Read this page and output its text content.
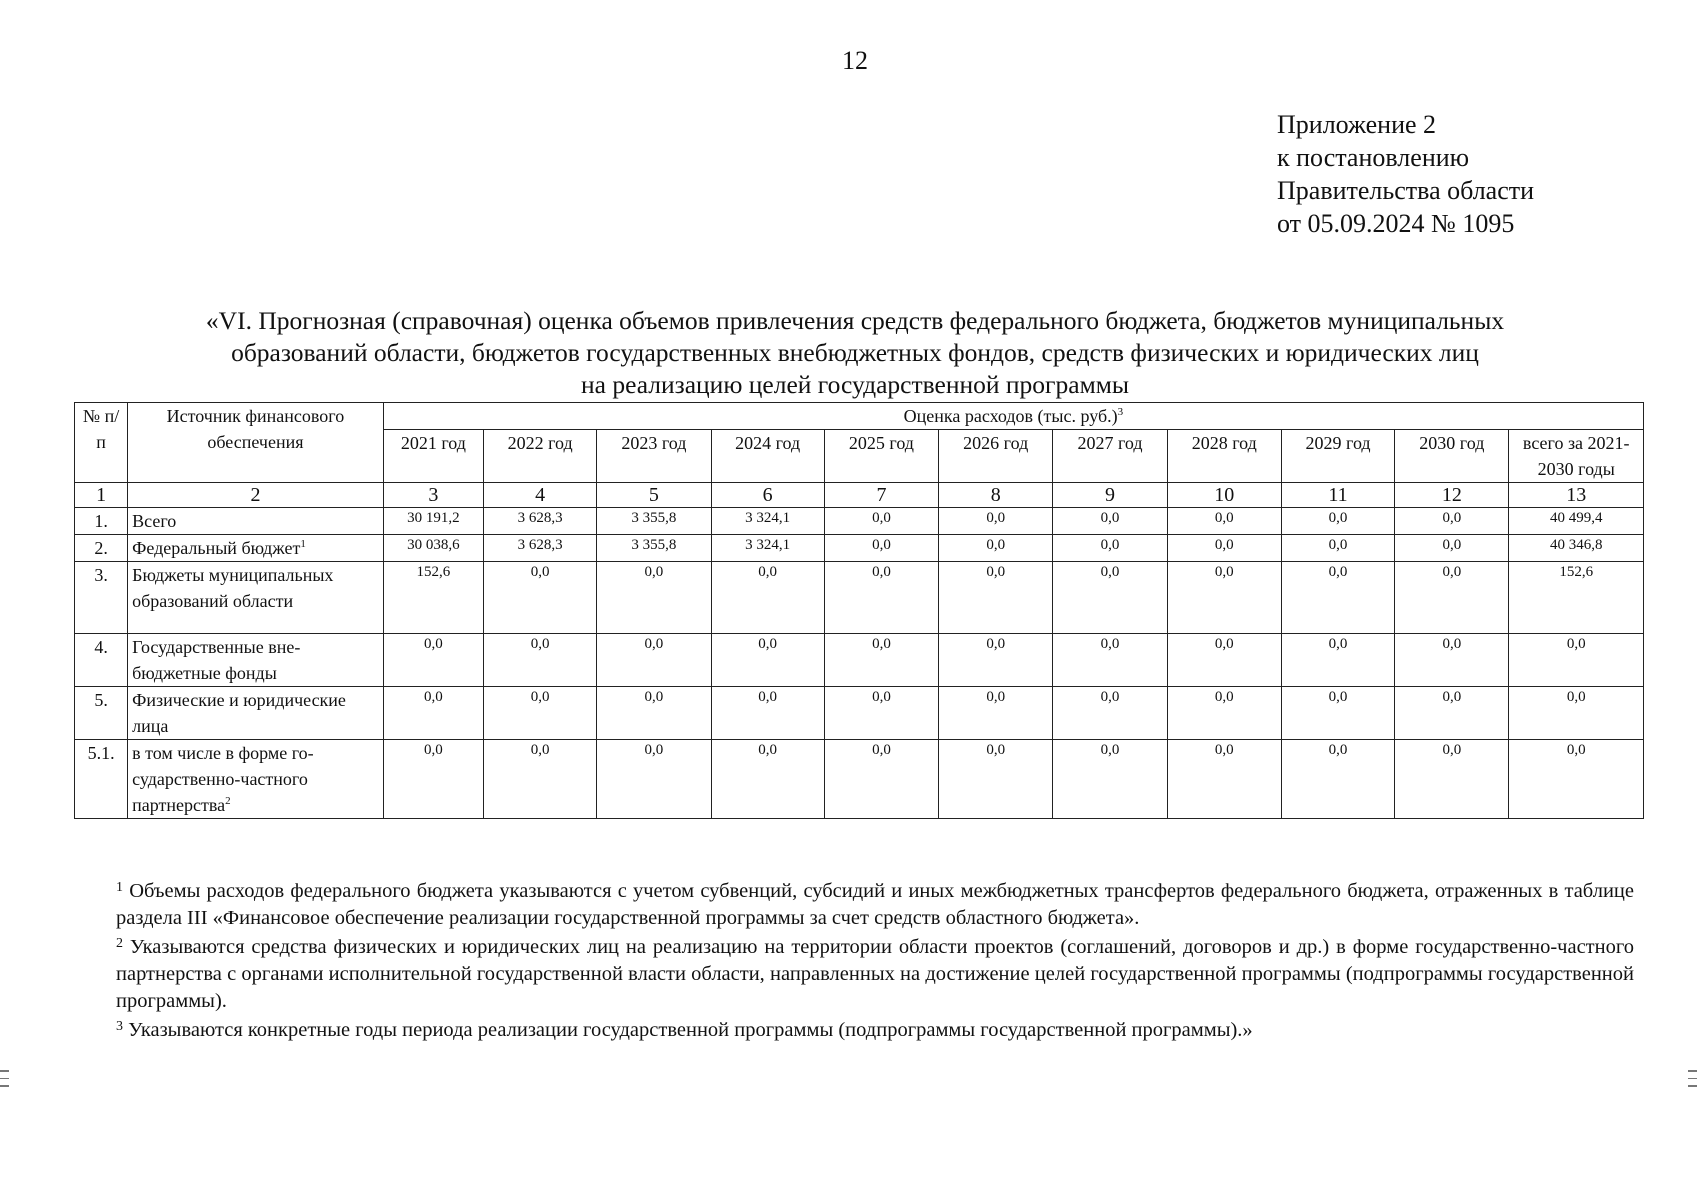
12
Приложение 2
к постановлению
Правительства области
от 05.09.2024 № 1095
«VI. Прогнозная (справочная) оценка объемов привлечения средств федерального бюджета, бюджетов муниципальных
образований области, бюджетов государственных внебюджетных фондов, средств физических и юридических лиц
на реализацию целей государственной программы
№ п/п	Источник финансового обеспечения	Оценка расходов (тыс. руб.)$^3$
		2021 год	2022 год	2023 год	2024 год	2025 год	2026 год	2027 год	2028 год	2029 год	2030 год	всего за 2021-2030 годы
1	2	3	4	5	6	7	8	9	10	11	12	13
1.	Всего	30 191,2	3 628,3	3 355,8	3 324,1	0,0	0,0	0,0	0,0	0,0	0,0	40 499,4
2.	Федеральный бюджет$^1$	30 038,6	3 628,3	3 355,8	3 324,1	0,0	0,0	0,0	0,0	0,0	0,0	40 346,8
3.	Бюджеты муниципальных образований области	152,6	0,0	0,0	0,0	0,0	0,0	0,0	0,0	0,0	0,0	152,6
4.	Государственные внебюджетные фонды	0,0	0,0	0,0	0,0	0,0	0,0	0,0	0,0	0,0	0,0	0,0
5.	Физические и юридические лица	0,0	0,0	0,0	0,0	0,0	0,0	0,0	0,0	0,0	0,0	0,0
5.1.	в том числе в форме государственно-частного партнерства$^2$	0,0	0,0	0,0	0,0	0,0	0,0	0,0	0,0	0,0	0,0	0,0

$^1$ Объемы расходов федерального бюджета указываются с учетом субвенций, субсидий и иных межбюджетных трансфертов федерального бюджета, отраженных в таблице раздела III «Финансовое обеспечение реализации государственной программы за счет средств областного бюджета».

$^2$ Указываются средства физических и юридических лиц на реализацию на территории области проектов (соглашений, договоров и др.) в форме государственно-частного партнерства с органами исполнительной государственной власти области, направленных на достижение целей государственной программы (подпрограммы государственной программы).

$^3$ Указываются конкретные годы периода реализации государственной программы (подпрограммы государственной программы).»
